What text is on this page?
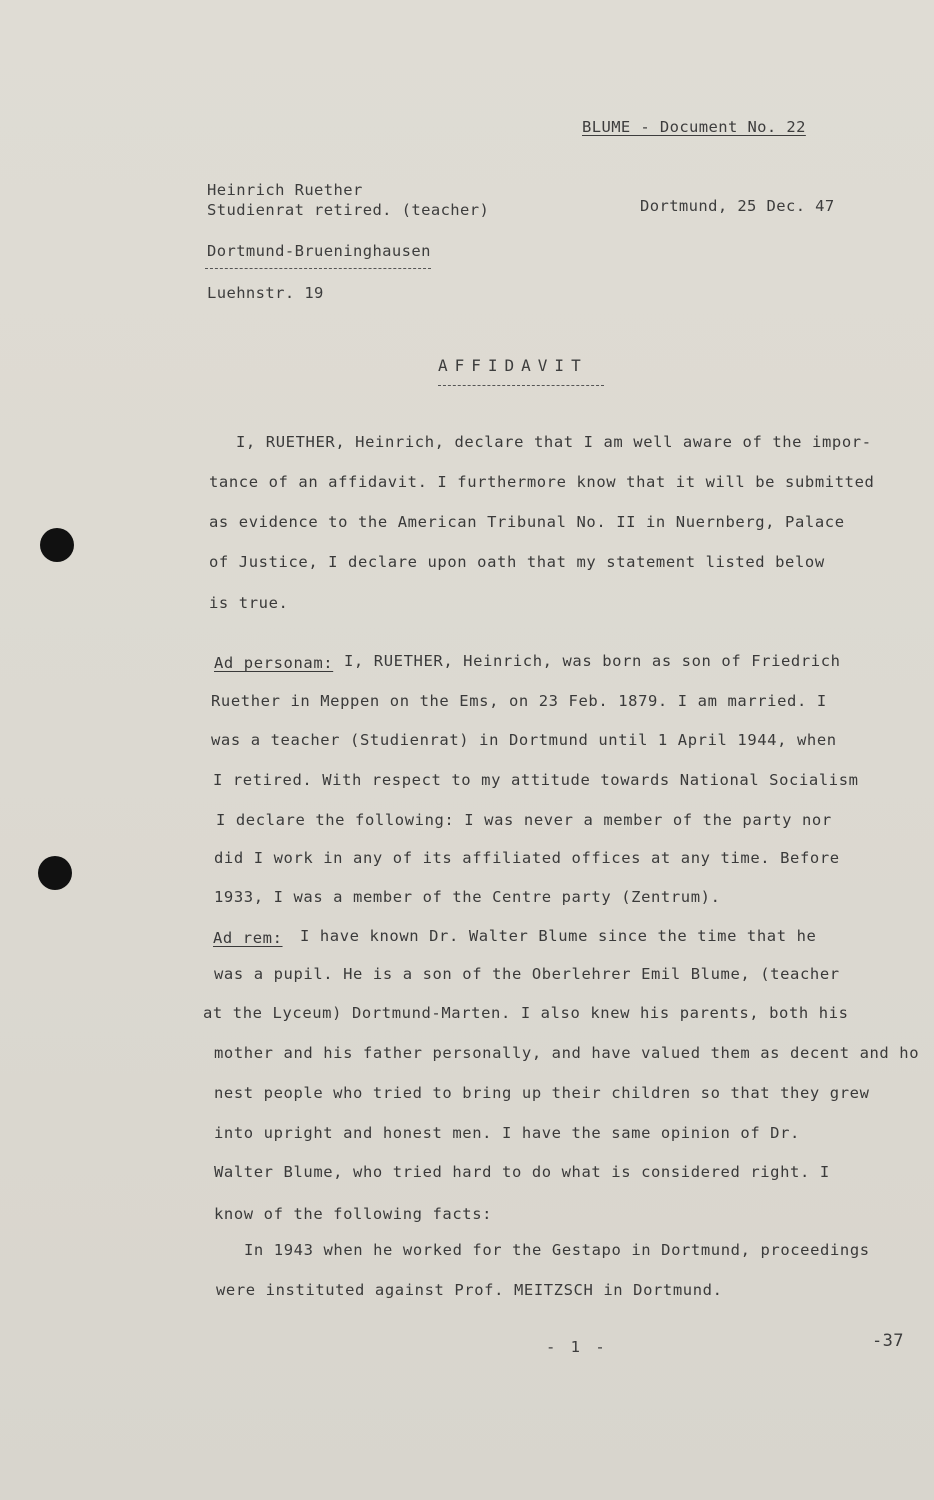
BLUME - Document No. 22
Heinrich Ruether
Studienrat retired. (teacher)	Dortmund, 25 Dec. 47
Dortmund-Brueninghausen
Luehnstr. 19
AFFIDAVIT
I, RUETHER, Heinrich, declare that I am well aware of the impor-
tance of an affidavit. I furthermore know that it will be submitted
as evidence to the American Tribunal No. II in Nuernberg, Palace
of Justice, I declare upon oath that my statement listed below
is true.
Ad personam: I, RUETHER, Heinrich, was born as son of Friedrich
Ruether in Meppen on the Ems, on 23 Feb. 1879. I am married. I
was a teacher (Studienrat) in Dortmund until 1 April 1944, when
I retired. With respect to my attitude towards National Socialism
I declare the following: I was never a member of the party nor
did I work in any of its affiliated offices at any time. Before
1933, I was a member of the Centre party (Zentrum).
Ad rem: I have known Dr. Walter Blume since the time that he
was a pupil. He is a son of the Oberlehrer Emil Blume, (teacher
at the Lyceum) Dortmund-Marten. I also knew his parents, both his
mother and his father personally, and have valued them as decent and ho
nest people who tried to bring up their children so that they grew
into upright and honest men. I have the same opinion of Dr.
Walter Blume, who tried hard to do what is considered right. I
know of the following facts:
In 1943 when he worked for the Gestapo in Dortmund, proceedings
were instituted against Prof. MEITZSCH in Dortmund.
- 1 -	-37
